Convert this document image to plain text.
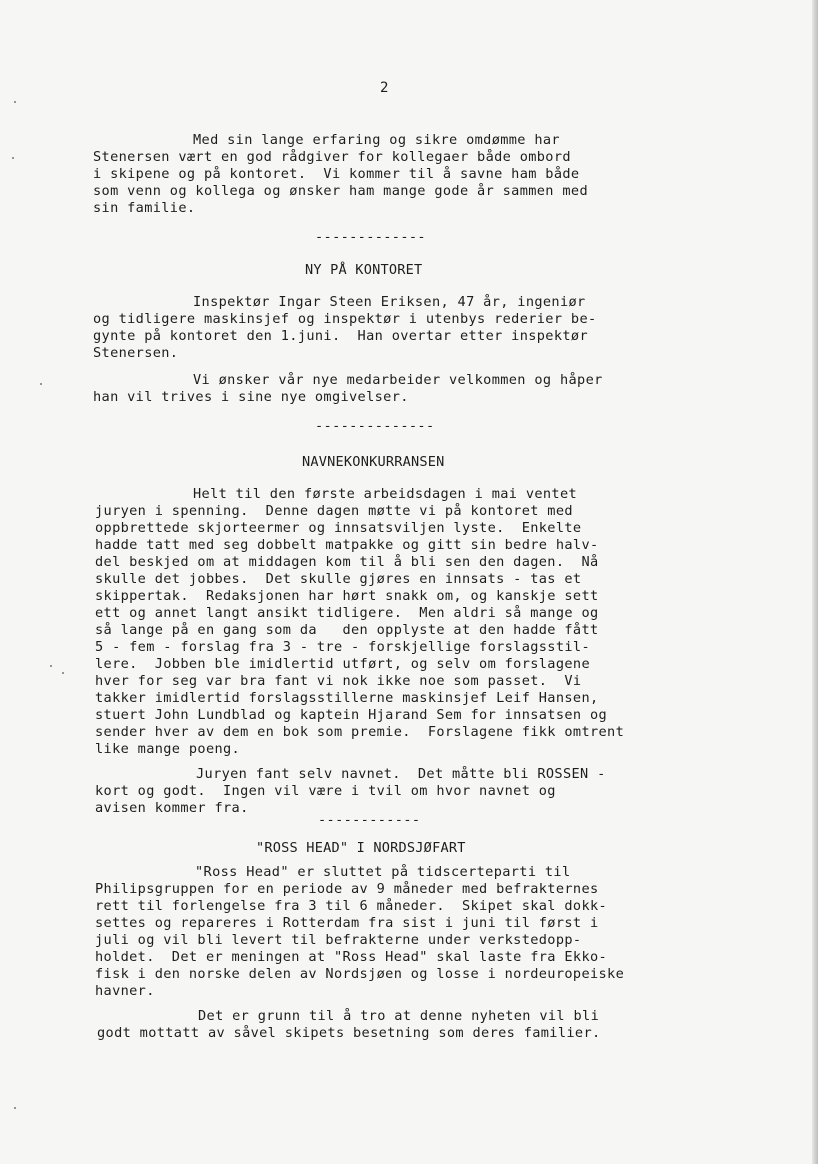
2
Med sin lange erfaring og sikre omdømme har
Stenersen vært en god rådgiver for kollegaer både ombord
i skipene og på kontoret.  Vi kommer til å savne ham både
som venn og kollega og ønsker ham mange gode år sammen med
sin familie.
-------------
NY PÅ KONTORET
Inspektør Ingar Steen Eriksen, 47 år, ingeniør
og tidligere maskinsjef og inspektør i utenbys rederier be-
gynte på kontoret den 1.juni.  Han overtar etter inspektør
Stenersen.
Vi ønsker vår nye medarbeider velkommen og håper
han vil trives i sine nye omgivelser.
--------------
NAVNEKONKURRANSEN
Helt til den første arbeidsdagen i mai ventet
juryen i spenning.  Denne dagen møtte vi på kontoret med
oppbrettede skjorteermer og innsatsviljen lyste.  Enkelte
hadde tatt med seg dobbelt matpakke og gitt sin bedre halv-
del beskjed om at middagen kom til å bli sen den dagen.  Nå
skulle det jobbes.  Det skulle gjøres en innsats - tas et
skippertak.  Redaksjonen har hørt snakk om, og kanskje sett
ett og annet langt ansikt tidligere.  Men aldri så mange og
så lange på en gang som da   den opplyste at den hadde fått
5 - fem - forslag fra 3 - tre - forskjellige forslagsstil-
lere.  Jobben ble imidlertid utført, og selv om forslagene
hver for seg var bra fant vi nok ikke noe som passet.  Vi
takker imidlertid forslagsstillerne maskinsjef Leif Hansen,
stuert John Lundblad og kaptein Hjarand Sem for innsatsen og
sender hver av dem en bok som premie.  Forslagene fikk omtrent
like mange poeng.
Juryen fant selv navnet.  Det måtte bli ROSSEN -
kort og godt.  Ingen vil være i tvil om hvor navnet og
avisen kommer fra.
------------
"ROSS HEAD" I NORDSJØFART
"Ross Head" er sluttet på tidscerteparti til
Philipsgruppen for en periode av 9 måneder med befrakternes
rett til forlengelse fra 3 til 6 måneder.  Skipet skal dokk-
settes og repareres i Rotterdam fra sist i juni til først i
juli og vil bli levert til befrakterne under verkstedopp-
holdet.  Det er meningen at "Ross Head" skal laste fra Ekko-
fisk i den norske delen av Nordsjøen og losse i nordeuropeiske
havner.
Det er grunn til å tro at denne nyheten vil bli
godt mottatt av såvel skipets besetning som deres familier.
